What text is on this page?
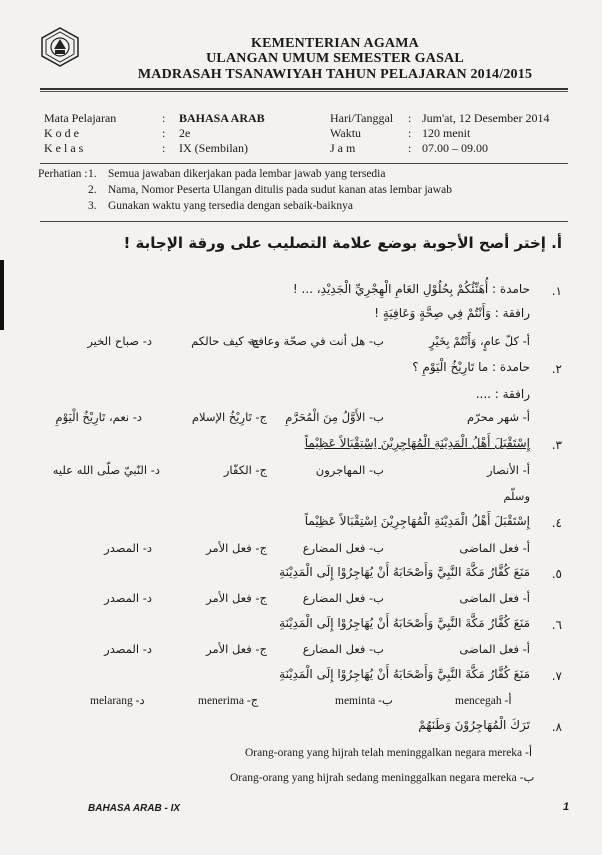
KEMENTERIAN AGAMA
ULANGAN UMUM SEMESTER GASAL
MADRASAH TSANAWIYAH TAHUN PELAJARAN 2014/2015
Mata Pelajaran	: BAHASA ARAB
K o d e	: 2e
K e l a s	: IX (Sembilan)
Hari/Tanggal	: Jum'at, 12 Desember 2014
Waktu	: 120 menit
J a m	: 07.00 – 09.00
Perhatian : 1. Semua jawaban dikerjakan pada lembar jawab yang tersedia
2. Nama, Nomor Peserta Ulangan ditulis pada sudut kanan atas lembar jawab
3. Gunakan waktu yang tersedia dengan sebaik-baiknya
أ. إختر أصح الأجوبة بوضع علامة التصليب على ورقة الإجابة !
١.
حامدة : أُهَنِّئُكُمْ بِحُلُوْلِ العَامِ الْهِجْرِيِّ الْجَدِيْدِ، ... !
رافقة : وَأَنْتُمْ فِي صِحَّةٍ وَعَافِيَةٍ !
أ- كلّ عامٍ، وَأَنْتُمْ بِخَيْرٍ
ب- هل أنت في صحّة وعافية
ج- كيف حالكم
د- صباح الخير
٢.
حامدة : ما تَارِيْخُ الْيَوْمِ ؟
رافقة : ....
أ- شهر محرّم
ب- الأَوَّلُ مِنَ الْمُحَرَّمِ
ج- تَارِيْخُ الإسلام
د- نعم، تَارِيْخُ الْيَوْمِ
٣.
إِسْتَقْبَلَ أَهْلُ الْمَدِيْنَةِ الْمُهَاجِرِيْنَ اِسْتِقْبَالاً عَظِيْماً
أ- الأنصار
ب- المهاجرون
ج- الكفّار
د- النّبيّ صلّى الله عليه
وسلّم
٤.
إِسْتَقْبَلَ أَهْلُ الْمَدِيْنَةِ الْمُهَاجِرِيْنَ اِسْتِقْبَالاً عَظِيْماً
أ- فعل الماضى
ب- فعل المضارع
ج- فعل الأمر
د- المصدر
٥.
مَنَعَ كُفَّارُ مَكَّةَ النَّبِيَّ وَأَصْحَابَهُ أَنْ يُهَاجِرُوْا إِلَى الْمَدِيْنَةِ
أ- فعل الماضى
ب- فعل المضارع
ج- فعل الأمر
د- المصدر
٦.
مَنَعَ كُفَّارُ مَكَّةَ النَّبِيَّ وَأَصْحَابَهُ أَنْ يُهَاجِرُوْا إِلَى الْمَدِيْنَةِ
أ- فعل الماضى
ب- فعل المضارع
ج- فعل الأمر
د- المصدر
٧.
مَنَعَ كُفَّارُ مَكَّةَ النَّبِيَّ وَأَصْحَابَهُ أَنْ يُهَاجِرُوْا إِلَى الْمَدِيْنَةِ
mencegah -أ
meminta -ب
menerima -ج
melarang -د
٨.
تَرَكَ الْمُهَاجِرُوْنَ وَطَنَهُمْ
Orang-orang yang hijrah telah meninggalkan negara mereka -أ
Orang-orang yang hijrah sedang meninggalkan negara mereka -ب
BAHASA ARAB - IX	1
